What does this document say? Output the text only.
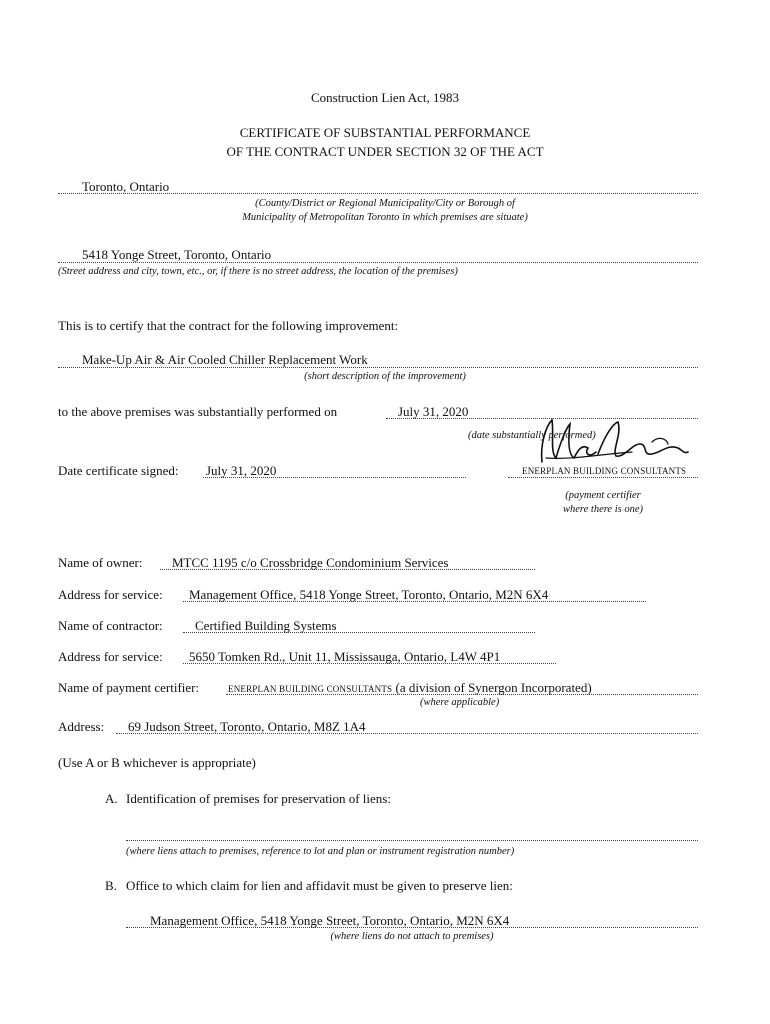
Construction Lien Act, 1983
CERTIFICATE OF SUBSTANTIAL PERFORMANCE
OF THE CONTRACT UNDER SECTION 32 OF THE ACT
Toronto, Ontario
(County/District or Regional Municipality/City or Borough of
Municipality of Metropolitan Toronto in which premises are situate)
5418 Yonge Street, Toronto, Ontario
(Street address and city, town, etc., or, if there is no street address, the location of the premises)
This is to certify that the contract for the following improvement:
Make-Up Air & Air Cooled Chiller Replacement Work
(short description of the improvement)
to the above premises was substantially performed on	July 31, 2020
(date substantially performed)
Date certificate signed: July 31, 2020	ENERPLAN BUILDING CONSULTANTS
(payment certifier
where there is one)
Name of owner: MTCC 1195 c/o Crossbridge Condominium Services
Address for service: Management Office, 5418 Yonge Street, Toronto, Ontario, M2N 6X4
Name of contractor: Certified Building Systems
Address for service: 5650 Tomken Rd., Unit 11, Mississauga, Ontario, L4W 4P1
Name of payment certifier:	ENERPLAN BUILDING CONSULTANTS (a division of Synergon Incorporated)
(where applicable)
Address: 69 Judson Street, Toronto, Ontario, M8Z 1A4
(Use A or B whichever is appropriate)
A. Identification of premises for preservation of liens:
(where liens attach to premises, reference to lot and plan or instrument registration number)
B. Office to which claim for lien and affidavit must be given to preserve lien:
Management Office, 5418 Yonge Street, Toronto, Ontario, M2N 6X4
(where liens do not attach to premises)
